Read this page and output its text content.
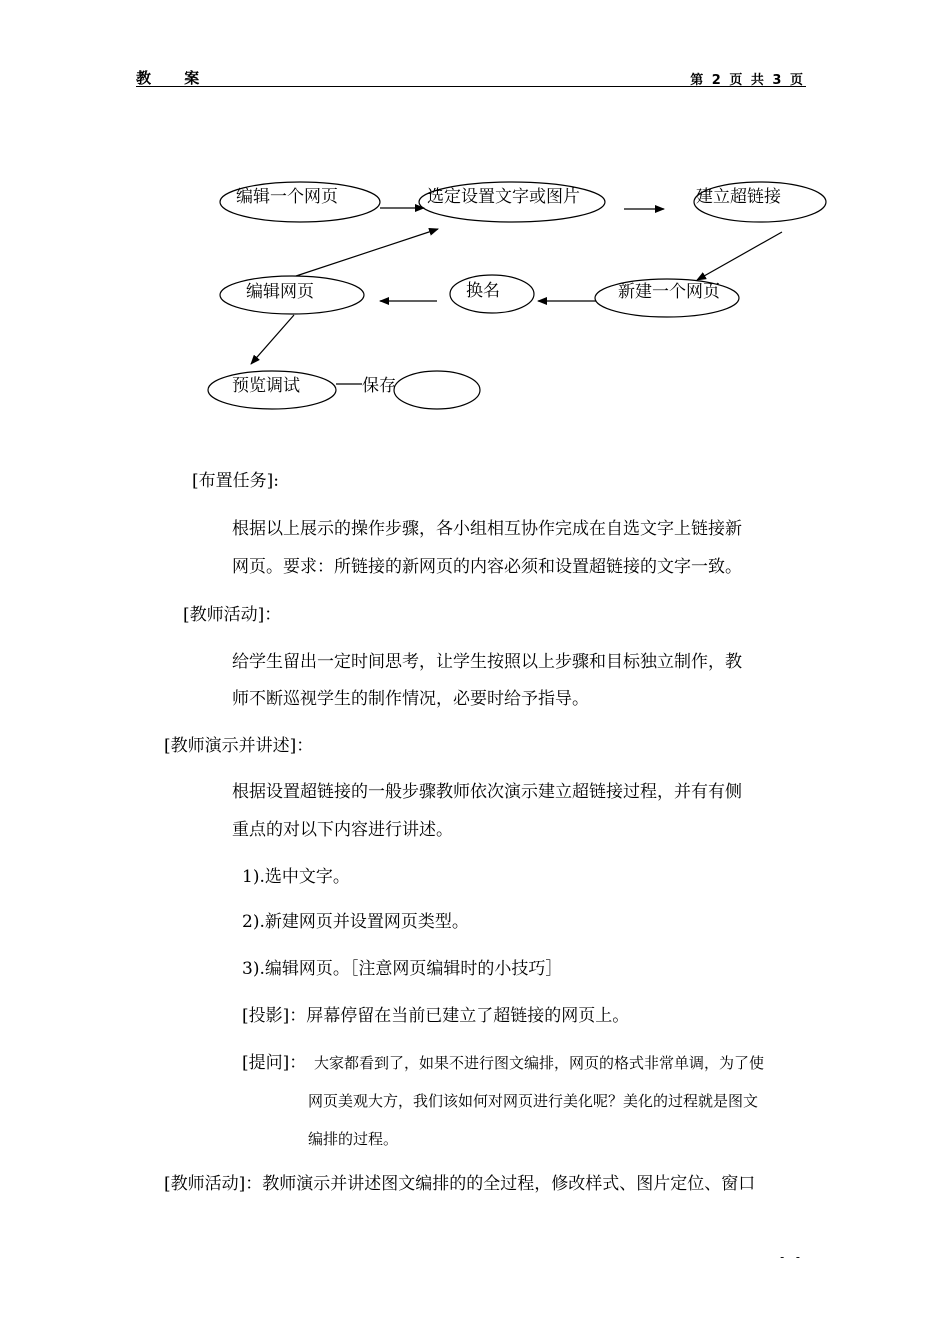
教 案	第 2 页 共 3 页
编辑一个网页	选定设置文字或图片	建立超链接
编辑网页	换名	新建一个网页
预览调试	保存
[布置任务]:
根据以上展示的操作步骤，各小组相互协作完成在自选文字上链接新
网页。要求：所链接的新网页的内容必须和设置超链接的文字一致。
[教师活动]：
给学生留出一定时间思考，让学生按照以上步骤和目标独立制作，教
师不断巡视学生的制作情况，必要时给予指导。
[教师演示并讲述]：
根据设置超链接的一般步骤教师依次演示建立超链接过程，并有有侧
重点的对以下内容进行讲述。
1).选中文字。
2).新建网页并设置网页类型。
3).编辑网页。［注意网页编辑时的小技巧］
[投影]：屏幕停留在当前已建立了超链接的网页上。
[提问]： 大家都看到了，如果不进行图文编排，网页的格式非常单调，为了使
网页美观大方，我们该如何对网页进行美化呢？美化的过程就是图文
编排的过程。
[教师活动]：教师演示并讲述图文编排的的全过程，修改样式、图片定位、窗口
- -
